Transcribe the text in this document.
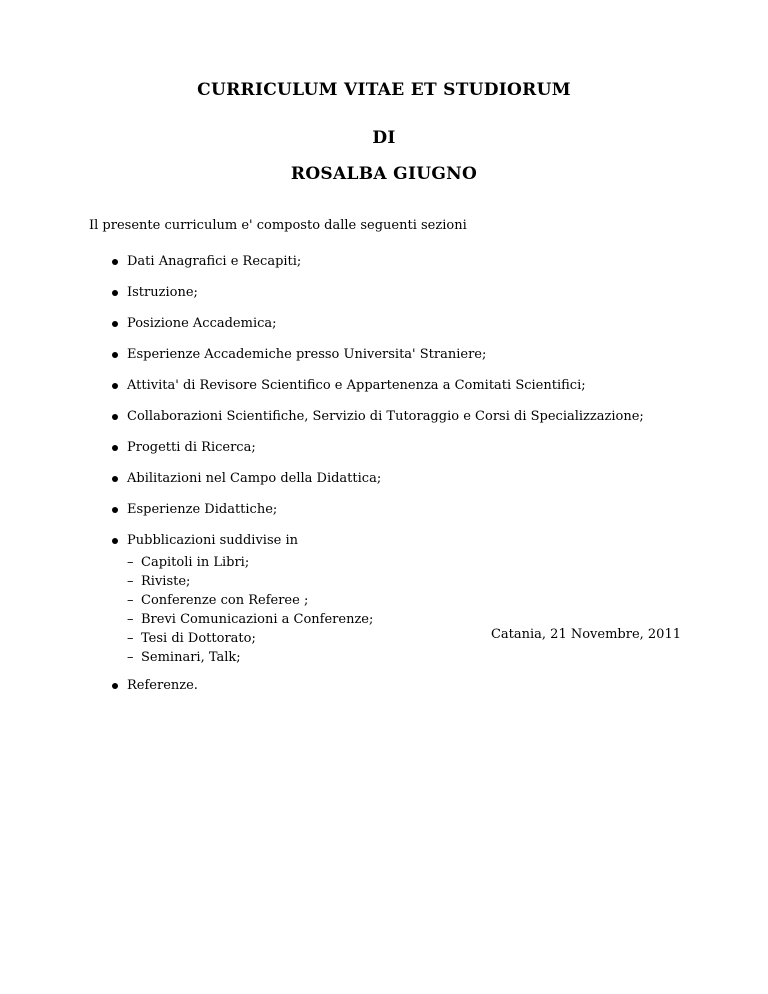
CURRICULUM VITAE ET STUDIORUM
DI
ROSALBA GIUGNO
Il presente curriculum e' composto dalle seguenti sezioni
Dati Anagrafici e Recapiti;
Istruzione;
Posizione Accademica;
Esperienze Accademiche presso Universita' Straniere;
Attivita' di Revisore Scientifico e Appartenenza a Comitati Scientifici;
Collaborazioni Scientifiche, Servizio di Tutoraggio e Corsi di Specializzazione;
Progetti di Ricerca;
Abilitazioni nel Campo della Didattica;
Esperienze Didattiche;
Pubblicazioni suddivise in
– Capitoli in Libri;
– Riviste;
– Conferenze con Referee ;
– Brevi Comunicazioni a Conferenze;
– Tesi di Dottorato;
– Seminari, Talk;
Referenze.
Catania, 21 Novembre, 2011
